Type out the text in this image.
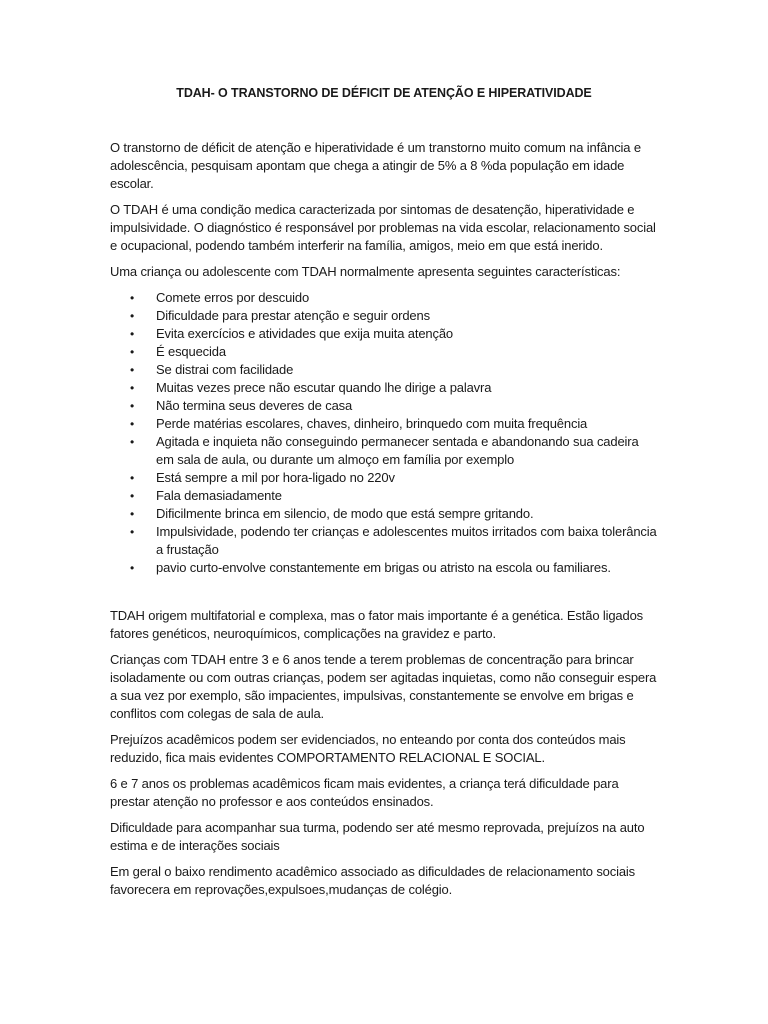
TDAH- O TRANSTORNO DE DÉFICIT DE ATENÇÃO E HIPERATIVIDADE

O transtorno de déficit de atenção e hiperatividade é um transtorno muito comum na infância e adolescência, pesquisam apontam que chega a atingir de 5% a 8 %da população em idade escolar.

O TDAH é uma condição medica caracterizada por sintomas de desatenção, hiperatividade e impulsividade. O diagnóstico é responsável por problemas na vida escolar, relacionamento social e ocupacional, podendo também interferir na família, amigos, meio em que está inerido.

Uma criança ou adolescente com TDAH normalmente apresenta seguintes características:

• Comete erros por descuido
• Dificuldade para prestar atenção e seguir ordens
• Evita exercícios e atividades que exija muita atenção
• É esquecida
• Se distrai com facilidade
• Muitas vezes prece não escutar quando lhe dirige a palavra
• Não termina seus deveres de casa
• Perde matérias escolares, chaves, dinheiro, brinquedo com muita frequência
• Agitada e inquieta não conseguindo permanecer sentada e abandonando sua cadeira em sala de aula, ou durante um almoço em família por exemplo
• Está sempre a mil por hora-ligado no 220v
• Fala demasiadamente
• Dificilmente brinca em silencio, de modo que está sempre gritando.
• Impulsividade, podendo ter crianças e adolescentes muitos irritados com baixa tolerância a frustação
• pavio curto-envolve constantemente em brigas ou atristo na escola ou familiares.

TDAH origem multifatorial e complexa, mas o fator mais importante é a genética. Estão ligados fatores genéticos, neuroquímicos, complicações na gravidez e parto.

Crianças com TDAH entre 3 e 6 anos tende a terem problemas de concentração para brincar isoladamente ou com outras crianças, podem ser agitadas inquietas, como não conseguir espera a sua vez por exemplo, são impacientes, impulsivas, constantemente se envolve em brigas e conflitos com colegas de sala de aula.

Prejuízos acadêmicos podem ser evidenciados, no enteando por conta dos conteúdos mais reduzido, fica mais evidentes COMPORTAMENTO RELACIONAL E SOCIAL.

6 e 7 anos os problemas acadêmicos ficam mais evidentes, a criança terá dificuldade para prestar atenção no professor e aos conteúdos ensinados.

Dificuldade para acompanhar sua turma, podendo ser até mesmo reprovada, prejuízos na auto estima e de interações sociais

Em geral o baixo rendimento acadêmico associado as dificuldades de relacionamento sociais favorecera em reprovações,expulsoes,mudanças de colégio.
